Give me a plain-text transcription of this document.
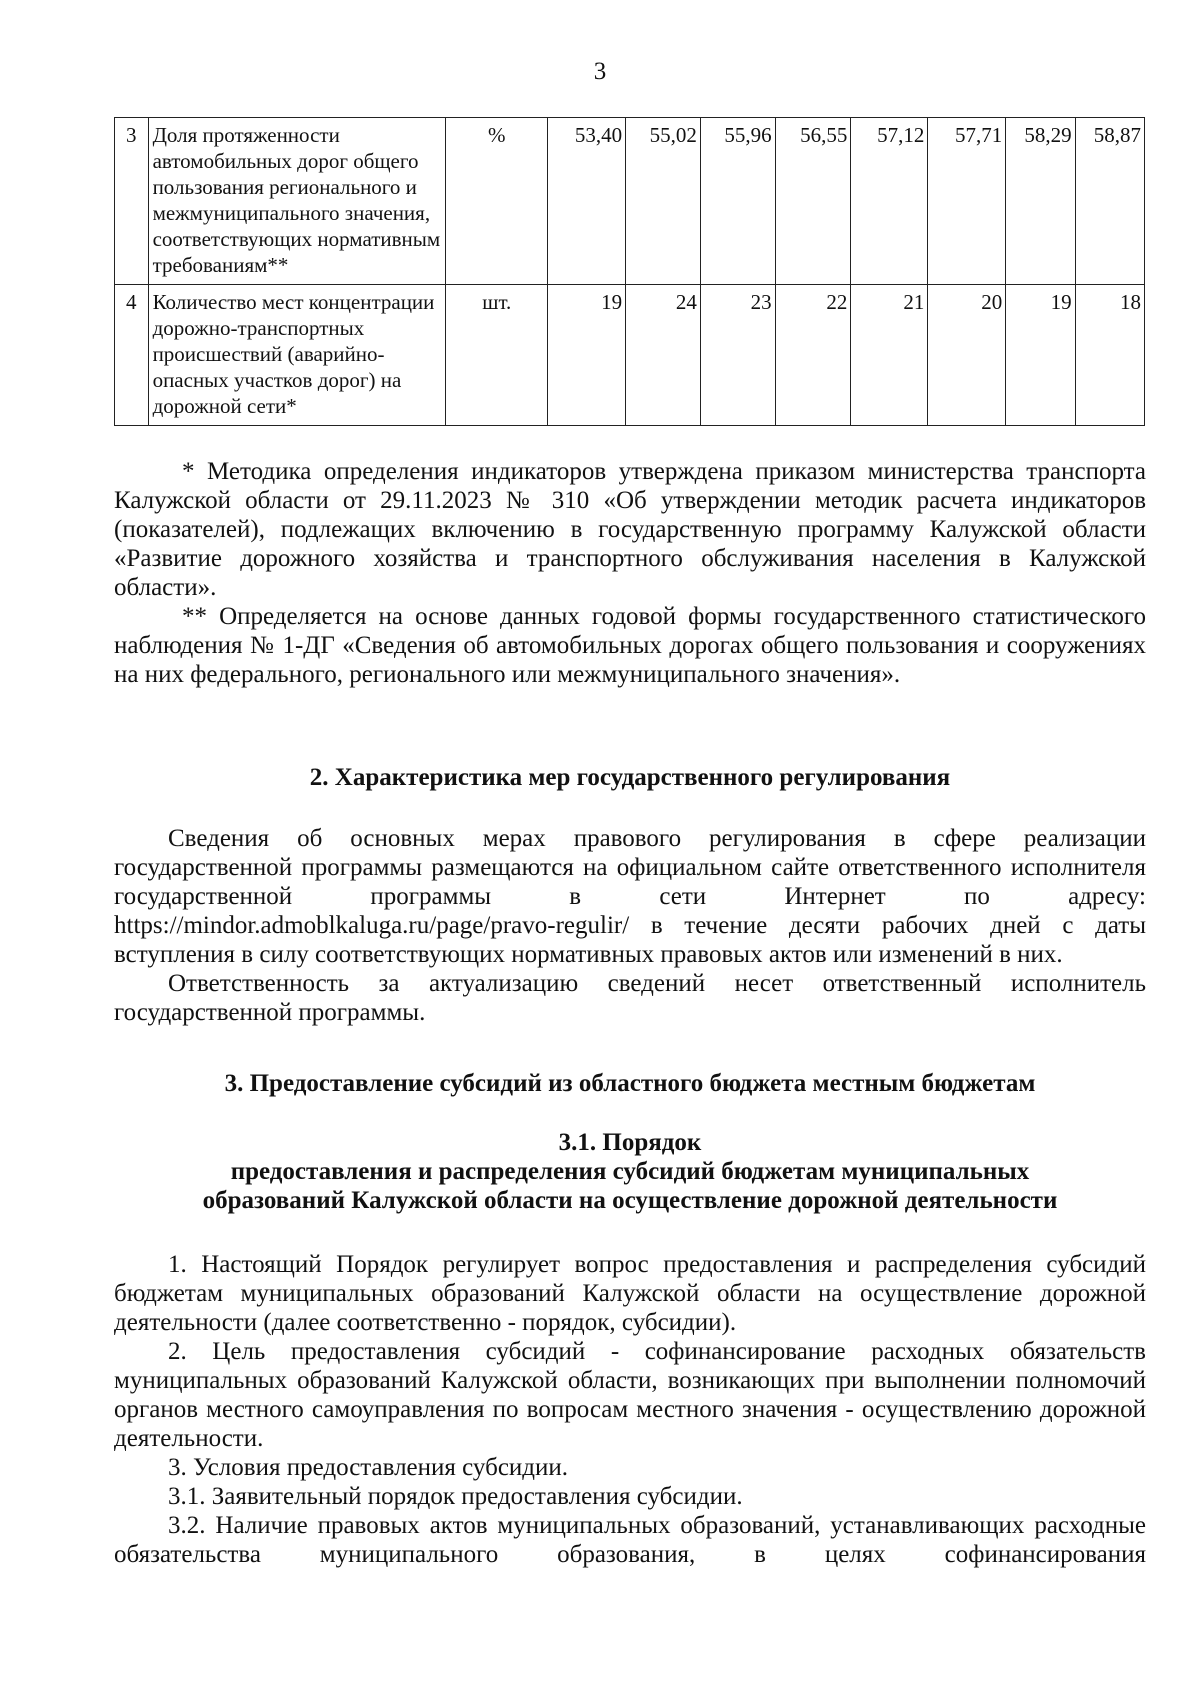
3
3	Доля протяженности автомобильных дорог общего пользования регионального и межмуниципального значения, соответствующих нормативным требованиям**	%	53,40	55,02	55,96	56,55	57,12	57,71	58,29	58,87
4	Количество мест концентрации дорожно-транспортных происшествий (аварийно-опасных участков дорог) на дорожной сети*	шт.	19	24	23	22	21	20	19	18

* Методика определения индикаторов утверждена приказом министерства транспорта Калужской области от 29.11.2023 № 310 «Об утверждении методик расчета индикаторов (показателей), подлежащих включению в государственную программу Калужской области «Развитие дорожного хозяйства и транспортного обслуживания населения в Калужской области».

** Определяется на основе данных годовой формы государственного статистического наблюдения № 1-ДГ «Сведения об автомобильных дорогах общего пользования и сооружениях на них федерального, регионального или межмуниципального значения».

2. Характеристика мер государственного регулирования

Сведения об основных мерах правового регулирования в сфере реализации государственной программы размещаются на официальном сайте ответственного исполнителя государственной программы в сети Интернет по адресу: https://mindor.admoblkaluga.ru/page/pravo-regulir/ в течение десяти рабочих дней с даты вступления в силу соответствующих нормативных правовых актов или изменений в них.

Ответственность за актуализацию сведений несет ответственный исполнитель государственной программы.

3. Предоставление субсидий из областного бюджета местным бюджетам
3.1. Порядок
предоставления и распределения субсидий бюджетам муниципальных
образований Калужской области на осуществление дорожной деятельности

1. Настоящий Порядок регулирует вопрос предоставления и распределения субсидий бюджетам муниципальных образований Калужской области на осуществление дорожной деятельности (далее соответственно - порядок, субсидии).

2. Цель предоставления субсидий - софинансирование расходных обязательств муниципальных образований Калужской области, возникающих при выполнении полномочий органов местного самоуправления по вопросам местного значения - осуществлению дорожной деятельности.

3. Условия предоставления субсидии.

3.1. Заявительный порядок предоставления субсидии.

3.2. Наличие правовых актов муниципальных образований, устанавливающих расходные обязательства муниципального образования, в целях софинансирования
